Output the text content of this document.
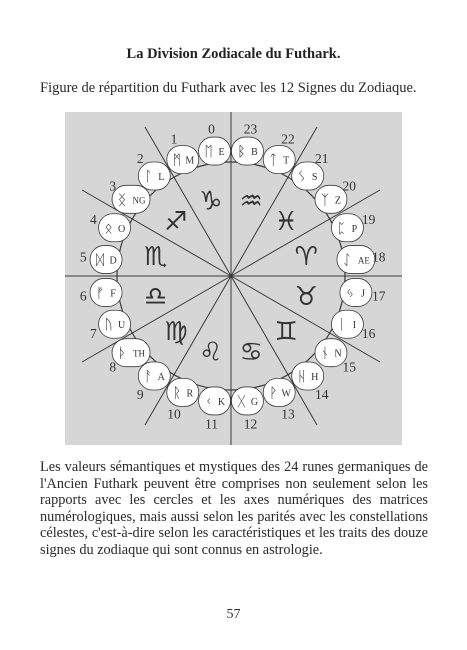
La Division Zodiacale du Futhark.
Figure de répartition du Futhark avec les 12 Signes du Zodiaque.
♑
♐
♏
♎
♍
♌ ♋
♊
♉
♈
♓
♒
ᛖ E
0
ᛗ M
1
ᛚ L
2
ᛝ NG
3
ᛟ O
4
ᛞ D
5
ᚠ F
6
ᚢ U
7
ᚦ TH
8
ᚨ A
9 ᚱ R
10
ᚲ K
11
ᚷ G
12
ᚹ W
13
ᚺ H
14
ᚾ N
15
ᛁ I
16
ᛃ J 17
ᛇ AE 18
ᛈ P
19
ᛉ Z
20
ᛊ S
21
ᛏ T
22
ᛒ B
23
Les valeurs sémantiques et mystiques des 24 runes germaniques de l'Ancien Futhark peuvent être comprises non seulement selon les rapports avec les cercles et les axes numériques des matrices numérologiques, mais aussi selon les parités avec les constellations célestes, c'est-à-dire selon les caractéristiques et les traits des douze signes du zodiaque qui sont connus en astrologie.
57
